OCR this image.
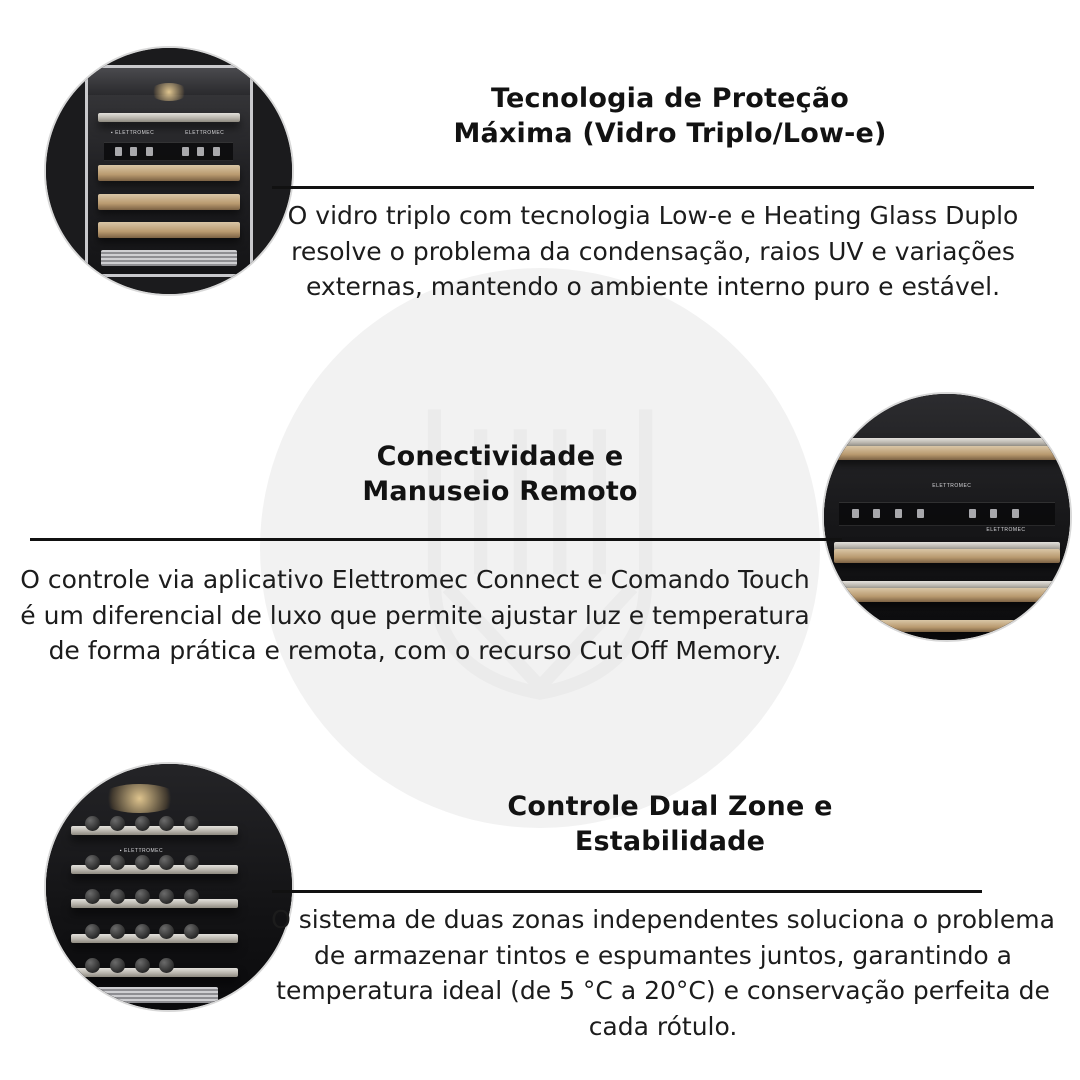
▪ ELETTROMEC	ELETTROMEC
Tecnologia de Proteção
Máxima (Vidro Triplo/Low-e)
O vidro triplo com tecnologia Low-e e Heating Glass Duplo resolve o problema da condensação, raios UV e variações externas, mantendo o ambiente interno puro e estável.
ELETTROMEC
ELETTROMEC
Conectividade e
Manuseio Remoto
O controle via aplicativo Elettromec Connect e Comando Touch é um diferencial de luxo que permite ajustar luz e temperatura de forma prática e remota, com o recurso Cut Off Memory.
▪ ELETTROMEC
Controle Dual Zone e
Estabilidade
O sistema de duas zonas independentes soluciona o problema de armazenar tintos e espumantes juntos, garantindo a temperatura ideal (de 5 °C a 20°C) e conservação perfeita de cada rótulo.
